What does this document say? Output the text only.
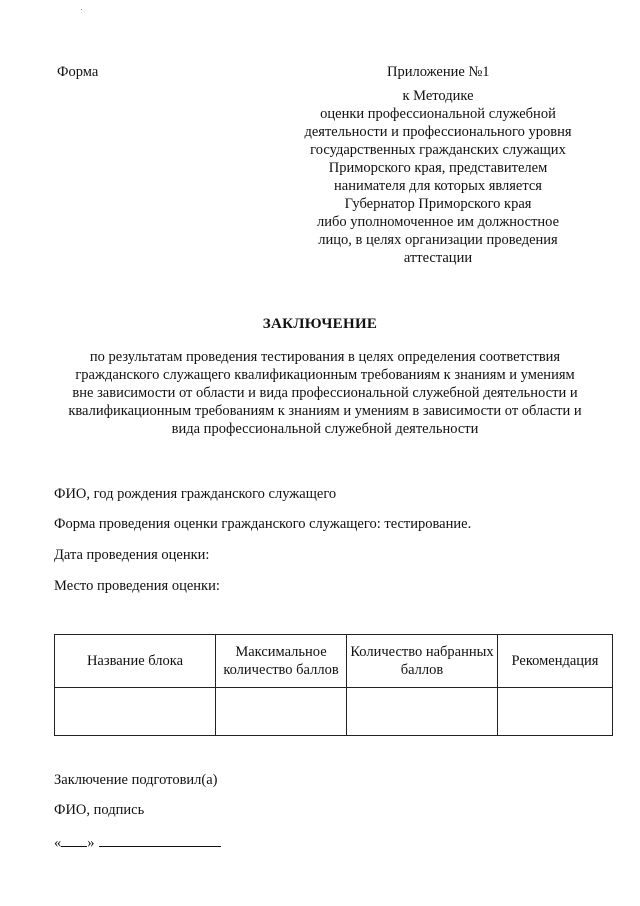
Форма	Приложение №1
к Методике
оценки профессиональной служебной
деятельности и профессионального уровня
государственных гражданских служащих
Приморского края, представителем
нанимателя для которых является
Губернатор Приморского края
либо уполномоченное им должностное
лицо, в целях организации проведения
аттестации
ЗАКЛЮЧЕНИЕ
по результатам проведения тестирования в целях определения соответствия
гражданского служащего квалификационным требованиям к знаниям и умениям
вне зависимости от области и вида профессиональной служебной деятельности и
квалификационным требованиям к знаниям и умениям в зависимости от области и
вида профессиональной служебной деятельности
ФИО, год рождения гражданского служащего
Форма проведения оценки гражданского служащего: тестирование.
Дата проведения оценки:
Место проведения оценки:
Название блока	Максимальное количество баллов	Количество набранных баллов	Рекомендация

Заключение подготовил(а)
ФИО, подпись
« »
